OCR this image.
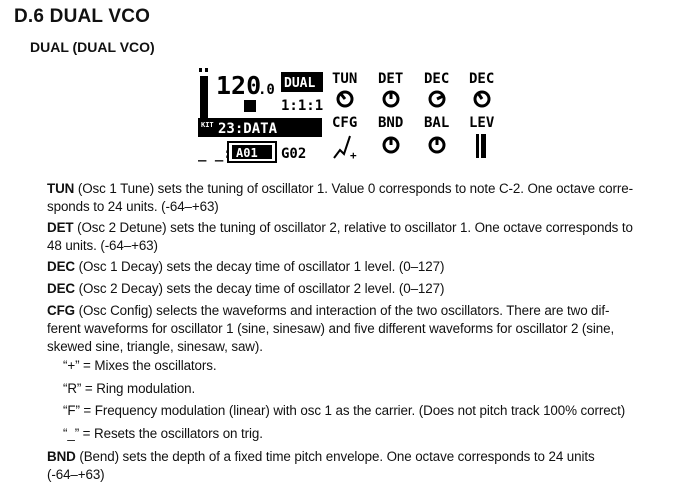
D.6 DUAL VCO
DUAL (DUAL VCO)
120
.0 DUAL
1:1:1
KIT 23:DATA
_ _: A01 G02
TUN DET DEC DEC
CFG BND BAL LEV
+
TUN (Osc 1 Tune) sets the tuning of oscillator 1. Value 0 corresponds to note C-2. One octave corre-
sponds to 24 units. (-64–+63)
DET (Osc 2 Detune) sets the tuning of oscillator 2, relative to oscillator 1. One octave corresponds to
48 units. (-64–+63)
DEC (Osc 1 Decay) sets the decay time of oscillator 1 level. (0–127)
DEC (Osc 2 Decay) sets the decay time of oscillator 2 level. (0–127)
CFG (Osc Config) selects the waveforms and interaction of the two oscillators. There are two dif-
ferent waveforms for oscillator 1 (sine, sinesaw) and five different waveforms for oscillator 2 (sine,
skewed sine, triangle, sinesaw, saw).
“+” = Mixes the oscillators.
“R” = Ring modulation.
“F” = Frequency modulation (linear) with osc 1 as the carrier. (Does not pitch track 100% correct)
“_” = Resets the oscillators on trig.
BND (Bend) sets the depth of a fixed time pitch envelope. One octave corresponds to 24 units
(-64–+63)
